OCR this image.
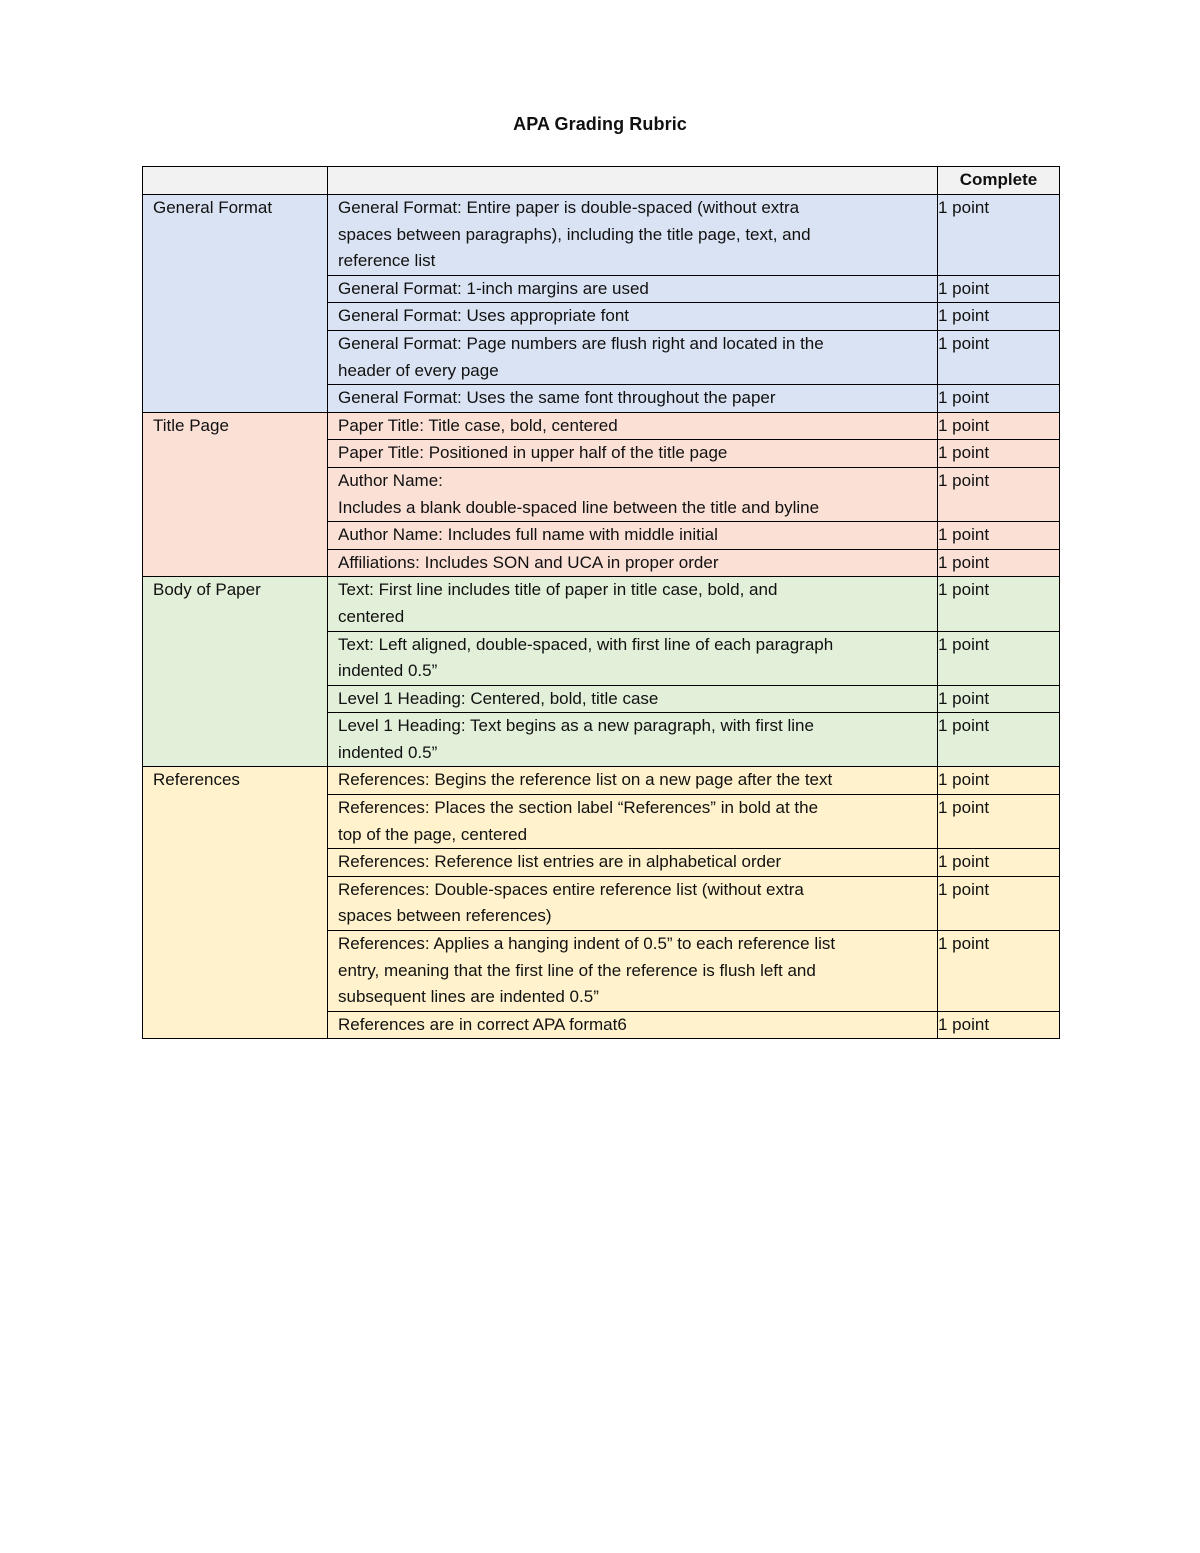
APA Grading Rubric
		Complete
General Format	General Format: Entire paper is double-spaced (without extra
spaces between paragraphs), including the title page, text, and
reference list	1 point
	General Format: 1-inch margins are used	1 point
	General Format: Uses appropriate font	1 point
	General Format: Page numbers are flush right and located in the
header of every page	1 point
	General Format: Uses the same font throughout the paper	1 point
Title Page	Paper Title: Title case, bold, centered	1 point
	Paper Title: Positioned in upper half of the title page	1 point
	Author Name:
Includes a blank double-spaced line between the title and byline	1 point
	Author Name: Includes full name with middle initial	1 point
	Affiliations: Includes SON and UCA in proper order	1 point
Body of Paper	Text: First line includes title of paper in title case, bold, and
centered	1 point
	Text: Left aligned, double-spaced, with first line of each paragraph
indented 0.5”	1 point
	Level 1 Heading: Centered, bold, title case	1 point
	Level 1 Heading: Text begins as a new paragraph, with first line
indented 0.5”	1 point
References	References: Begins the reference list on a new page after the text	1 point
	References: Places the section label “References” in bold at the
top of the page, centered	1 point
	References: Reference list entries are in alphabetical order	1 point
	References: Double-spaces entire reference list (without extra
spaces between references)	1 point
	References: Applies a hanging indent of 0.5” to each reference list
entry, meaning that the first line of the reference is flush left and
subsequent lines are indented 0.5”	1 point
	References are in correct APA format6	1 point
